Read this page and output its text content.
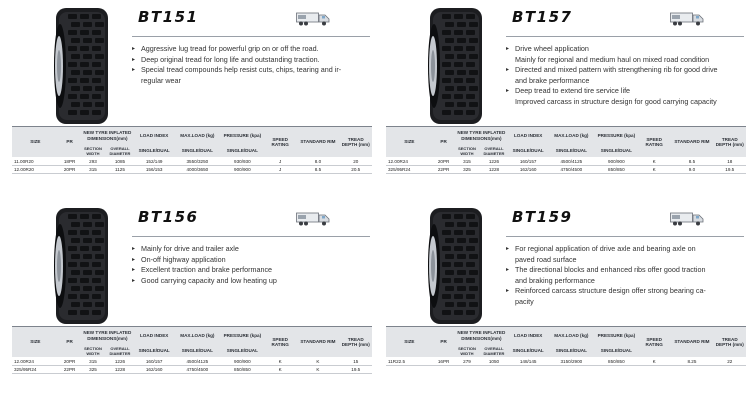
BT151
▸ Aggressive lug tread for powerful grip on or off the road.
▸ Deep original tread for long life and outstanding traction.
▸ Special tread compounds help resist cuts, chips, tearing and ir-
regular wear
SIZE	PR	NEW TYRE INFLATED DIMENSIONS(mm)		LOAD INDEX	MAX.LOAD (kg)	PRESSURE (kpa)	SPEED RATING	STANDARD RIM	TREAD DEPTH (mm)
		SECTION WIDTH	OVERALL DIAMETER	SINGLE/DUAL	SINGLE/DUAL	SINGLE/DUAL			
11.00R20	18PR	293	1085	152/149	3550/3250	930/930	J	8.0	20
12.00R20	20PR	315	1125	156/153	4000/3650	900/900	J	8.5	20.5
BT157
▸ Drive wheel application
Mainly for regional and medium haul on mixed road condition
▸ Directed and mixed pattern with strengthening rib for good drive
and brake performance
▸ Deep tread to extend tire service life
Improved carcass in structure design for good carrying capacity
SIZE	PR	NEW TYRE INFLATED DIMENSIONS(mm)		LOAD INDEX	MAX.LOAD (kg)	PRESSURE (kpa)	SPEED RATING	STANDARD RIM	TREAD DEPTH (mm)
		SECTION WIDTH	OVERALL DIAMETER	SINGLE/DUAL	SINGLE/DUAL	SINGLE/DUAL			
12.00R24	20PR	315	1226	160/157	4500/4125	900/900	K	8.5	18
325/95R24	22PR	325	1228	162/160	4750/4500	850/850	K	9.0	19.5
BT156
▸ Mainly for drive and trailer axle
▸ On-off highway application
▸ Excellent traction and brake performance
▸ Good carrying capacity and low heating up
SIZE	PR	NEW TYRE INFLATED DIMENSIONS(mm)		LOAD INDEX	MAX.LOAD (kg)	PRESSURE (kpa)	SPEED RATING	STANDARD RIM	TREAD DEPTH (mm)
		SECTION WIDTH	OVERALL DIAMETER	SINGLE/DUAL	SINGLE/DUAL	SINGLE/DUAL			
12.00R24	20PR	315	1226	160/157	4500/4125	900/900	K	K	15
325/95R24	22PR	325	1228	162/160	4750/4500	850/850	K	K	19.5
BT159
▸ For regional application of drive axle and bearing axle on
paved road surface
▸ The directional blocks and enhanced ribs offer good traction
and braking performance
▸ Reinforced carcass structure design offer strong bearing ca-
pacity
SIZE	PR	NEW TYRE INFLATED DIMENSIONS(mm)		LOAD INDEX	MAX.LOAD (kg)	PRESSURE (kpa)	SPEED RATING	STANDARD RIM	TREAD DEPTH (mm)
		SECTION WIDTH	OVERALL DIAMETER	SINGLE/DUAL	SINGLE/DUAL	SINGLE/DUAL			
11R22.5	16PR	279	1050	148/145	3150/2900	850/850	K	8.25	22
